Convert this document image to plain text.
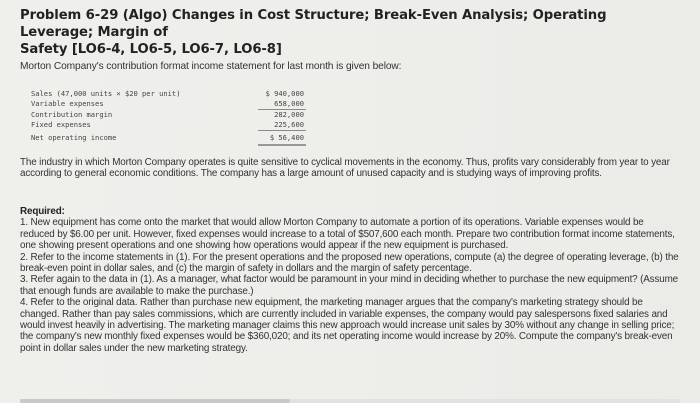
Problem 6-29 (Algo) Changes in Cost Structure; Break-Even Analysis; Operating Leverage; Margin of
Safety [LO6-4, LO6-5, LO6-7, LO6-8]
Morton Company's contribution format income statement for last month is given below:
Sales (47,000 units × $20 per unit)	$ 940,000
Variable expenses	658,000
Contribution margin	282,000
Fixed expenses	225,600
Net operating income	$ 56,400

The industry in which Morton Company operates is quite sensitive to cyclical movements in the economy. Thus, profits vary considerably from year to year according to general economic conditions. The company has a large amount of unused capacity and is studying ways of improving profits.

Required:

1. New equipment has come onto the market that would allow Morton Company to automate a portion of its operations. Variable expenses would be reduced by $6.00 per unit. However, fixed expenses would increase to a total of $507,600 each month. Prepare two contribution format income statements, one showing present operations and one showing how operations would appear if the new equipment is purchased.

2. Refer to the income statements in (1). For the present operations and the proposed new operations, compute (a) the degree of operating leverage, (b) the break-even point in dollar sales, and (c) the margin of safety in dollars and the margin of safety percentage.

3. Refer again to the data in (1). As a manager, what factor would be paramount in your mind in deciding whether to purchase the new equipment? (Assume that enough funds are available to make the purchase.)

4. Refer to the original data. Rather than purchase new equipment, the marketing manager argues that the company's marketing strategy should be changed. Rather than pay sales commissions, which are currently included in variable expenses, the company would pay salespersons fixed salaries and would invest heavily in advertising. The marketing manager claims this new approach would increase unit sales by 30% without any change in selling price; the company's new monthly fixed expenses would be $360,020; and its net operating income would increase by 20%. Compute the company's break-even point in dollar sales under the new marketing strategy.
